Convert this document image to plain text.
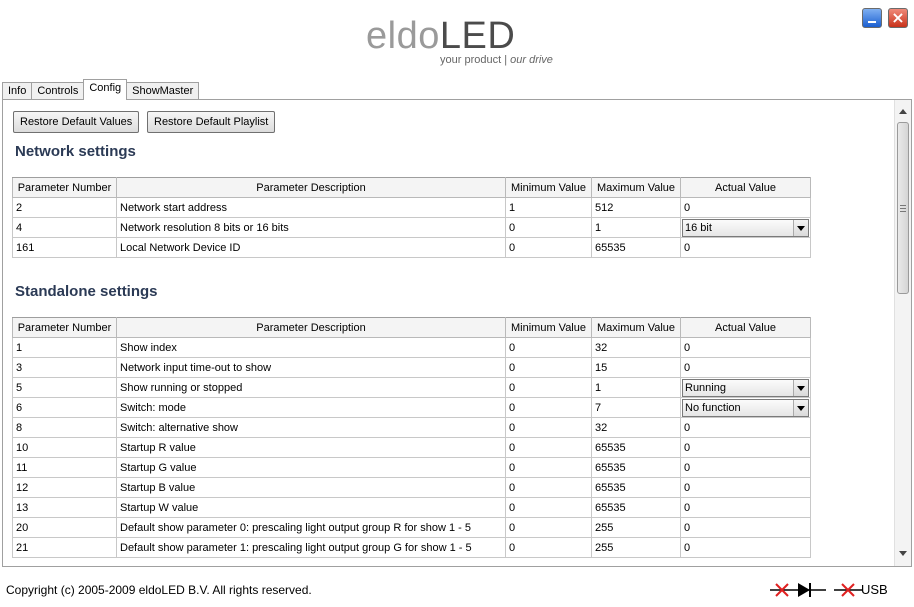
eldoLED
your product | our drive
×
Info	Controls	Config	ShowMaster
Restore Default Values	Restore Default Playlist
Network settings
Parameter Number	Parameter Description	Minimum Value	Maximum Value	Actual Value
2	Network start address	1	512	0
4	Network resolution 8 bits or 16 bits	0	1	16 bit

161	Local Network Device ID	0	65535	0
Standalone settings
Parameter Number	Parameter Description	Minimum Value	Maximum Value	Actual Value
1	Show index	0	32	0
3	Network input time-out to show	0	15	0
5	Show running or stopped	0	1	Running

6	Switch: mode	0	7	No function

8	Switch: alternative show	0	32	0
10	Startup R value	0	65535	0
11	Startup G value	0	65535	0
12	Startup B value	0	65535	0
13	Startup W value	0	65535	0
20	Default show parameter 0: prescaling light output group R for show 1 - 5	0	255	0
21	Default show parameter 1: prescaling light output group G for show 1 - 5	0	255	0
Copyright (c) 2005-2009 eldoLED B.V. All rights reserved.	USB
